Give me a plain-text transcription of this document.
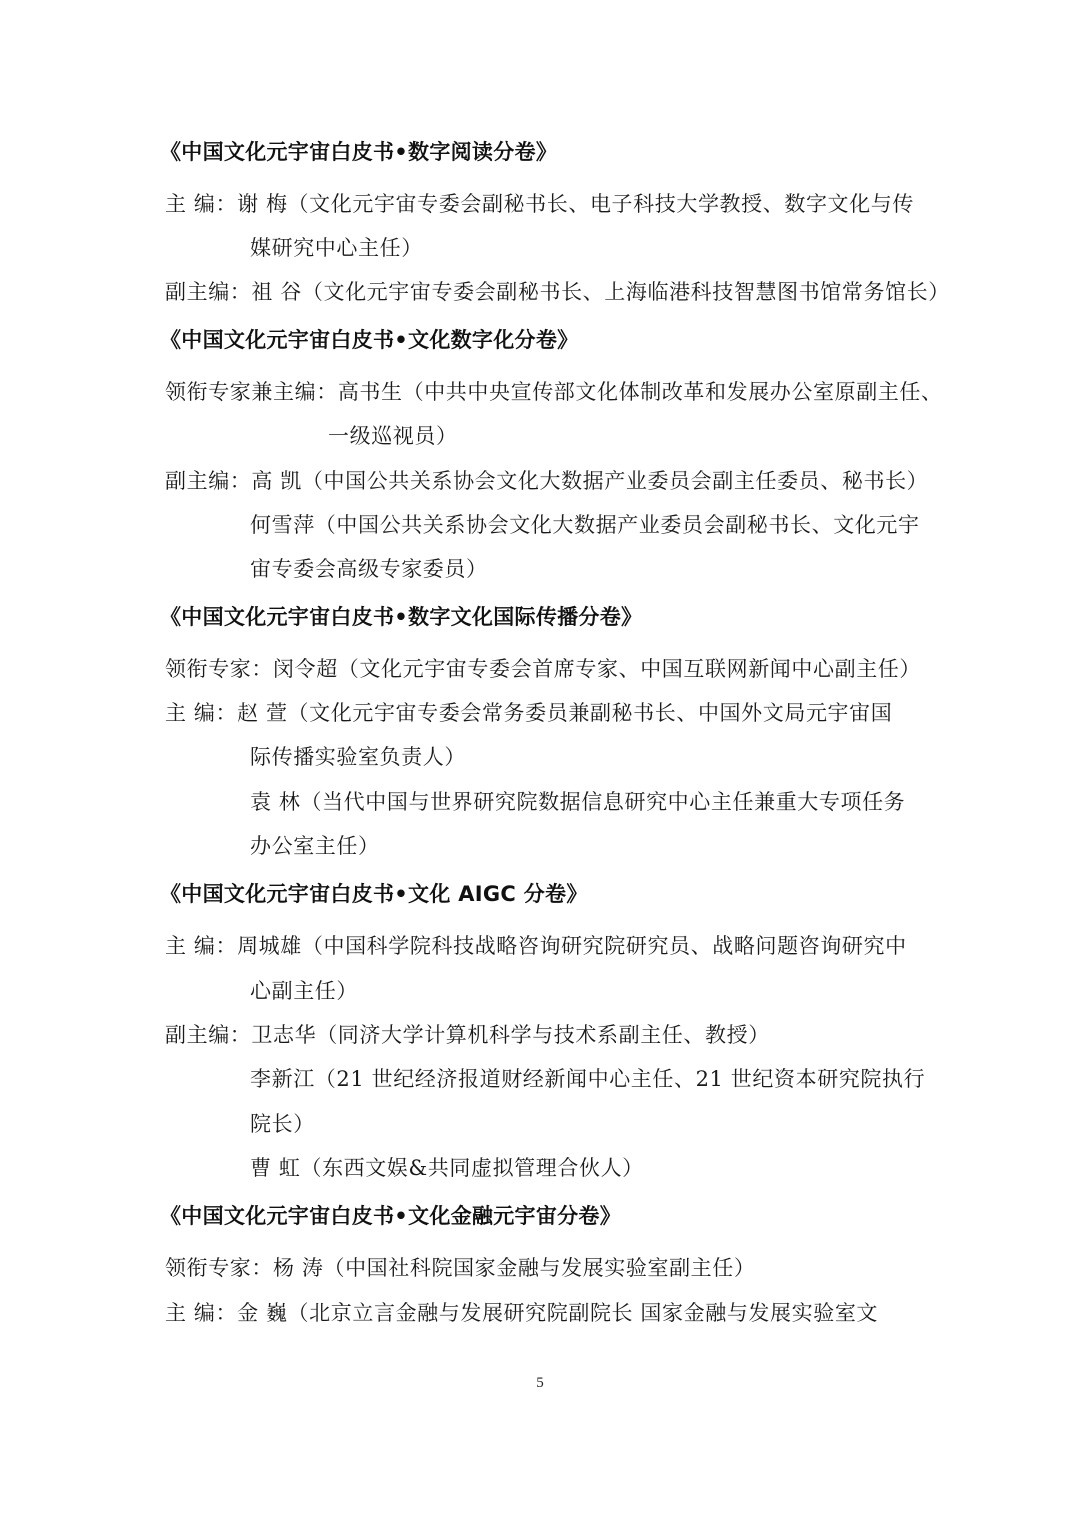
《中国文化元宇宙白皮书•数字阅读分卷》
主 编：谢 梅（文化元宇宙专委会副秘书长、电子科技大学教授、数字文化与传
媒研究中心主任）
副主编：祖 谷（文化元宇宙专委会副秘书长、上海临港科技智慧图书馆常务馆长）
《中国文化元宇宙白皮书•文化数字化分卷》
领衔专家兼主编：高书生（中共中央宣传部文化体制改革和发展办公室原副主任、
一级巡视员）
副主编：高 凯（中国公共关系协会文化大数据产业委员会副主任委员、秘书长）
何雪萍（中国公共关系协会文化大数据产业委员会副秘书长、文化元宇
宙专委会高级专家委员）
《中国文化元宇宙白皮书•数字文化国际传播分卷》
领衔专家：闵令超（文化元宇宙专委会首席专家、中国互联网新闻中心副主任）
主 编：赵 萱（文化元宇宙专委会常务委员兼副秘书长、中国外文局元宇宙国
际传播实验室负责人）
袁 林（当代中国与世界研究院数据信息研究中心主任兼重大专项任务
办公室主任）
《中国文化元宇宙白皮书•文化 AIGC 分卷》
主 编：周城雄（中国科学院科技战略咨询研究院研究员、战略问题咨询研究中
心副主任）
副主编：卫志华（同济大学计算机科学与技术系副主任、教授）
李新江（21 世纪经济报道财经新闻中心主任、21 世纪资本研究院执行
院长）
曹 虹（东西文娱&共同虚拟管理合伙人）
《中国文化元宇宙白皮书•文化金融元宇宙分卷》
领衔专家：杨 涛（中国社科院国家金融与发展实验室副主任）
主 编：金 巍（北京立言金融与发展研究院副院长 国家金融与发展实验室文
5
